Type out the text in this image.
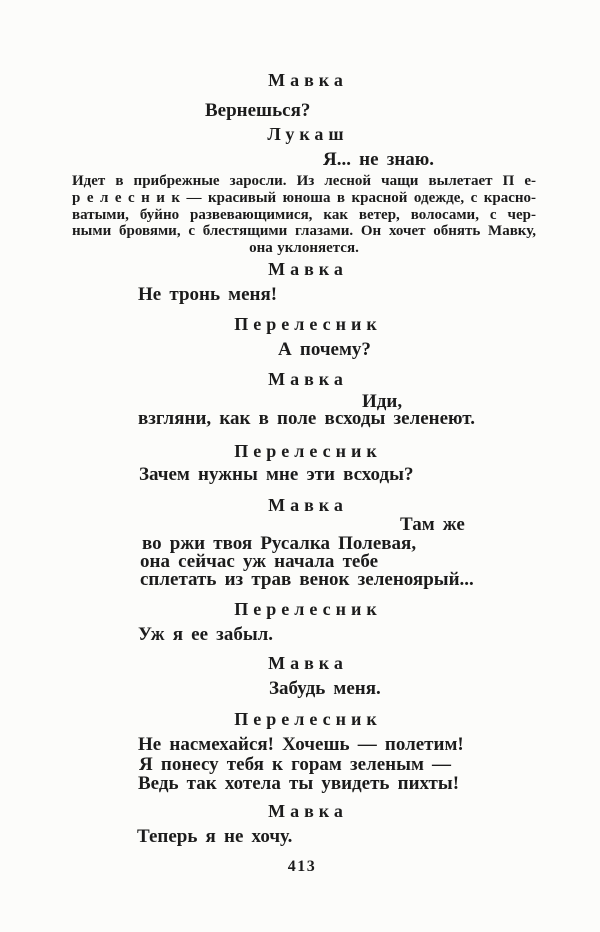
Мавка
Вернешься?
Лукаш
Я... не знаю.
Идет в прибрежные заросли. Из лесной чащи вылетает П е-
р е л е с н и к — красивый юноша в красной одежде, с красно-
ватыми, буйно развевающимися, как ветер, волосами, с чер-
ными бровями, с блестящими глазами. Он хочет обнять Мавку,
она уклоняется.
Мавка
Не тронь меня!
Перелесник
А почему?
Мавка
Иди,
взгляни, как в поле всходы зеленеют.
Перелесник
Зачем нужны мне эти всходы?
Мавка
Там же
во ржи твоя Русалка Полевая,
она сейчас уж начала тебе
сплетать из трав венок зеленоярый...
Перелесник
Уж я ее забыл.
Мавка
Забудь меня.
Перелесник
Не насмехайся! Хочешь — полетим!
Я понесу тебя к горам зеленым —
Ведь так хотела ты увидеть пихты!
Мавка
Теперь я не хочу.
413
